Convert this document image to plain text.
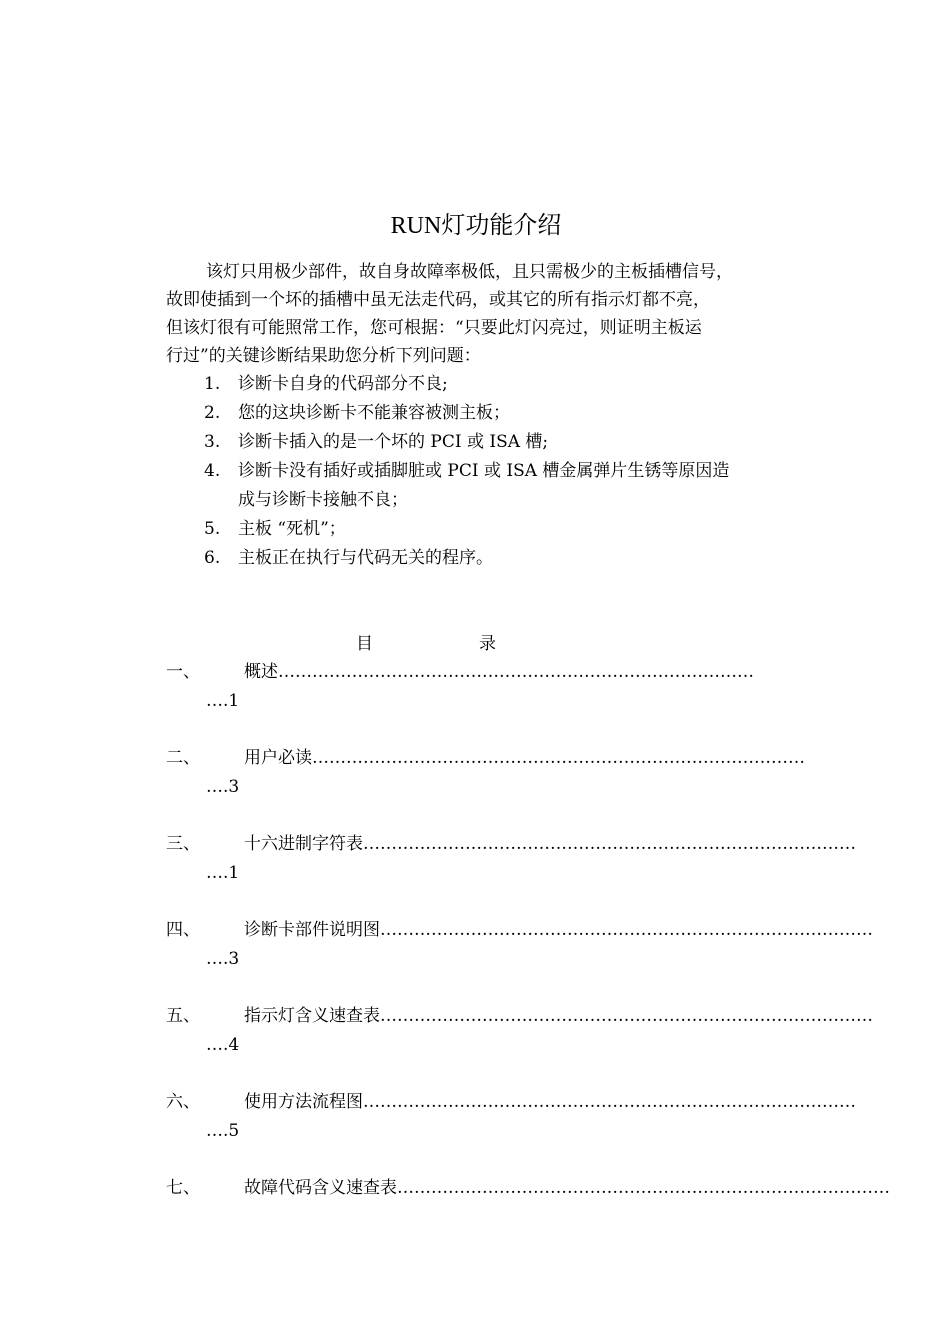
RUN灯功能介绍

该灯只用极少部件，故自身故障率极低，且只需极少的主板插槽信号，
故即使插到一个坏的插槽中虽无法走代码，或其它的所有指示灯都不亮，
但该灯很有可能照常工作，您可根据：“只要此灯闪亮过，则证明主板运
行过”的关键诊断结果助您分析下列问题：

1. 诊断卡自身的代码部分不良;
2. 您的这块诊断卡不能兼容被测主板；
3. 诊断卡插入的是一个坏的 PCI 或 ISA 槽;
4. 诊断卡没有插好或插脚脏或 PCI 或 ISA 槽金属弹片生锈等原因造
成与诊断卡接触不良；
5. 主板 “死机”；
6. 主板正在执行与代码无关的程序。
目	录
一、	概述 …………………………………………………………………………
….1
二、	用户必读 ……………………………………………………………………………
….3
三、	十六进制字符表 ……………………………………………………………………………
….1
四、	诊断卡部件说明图 ……………………………………………………………………………
….3
五、	指示灯含义速查表 ……………………………………………………………………………
….4
六、	使用方法流程图 ……………………………………………………………………………
….5
七、	故障代码含义速查表 ……………………………………………………………………………
